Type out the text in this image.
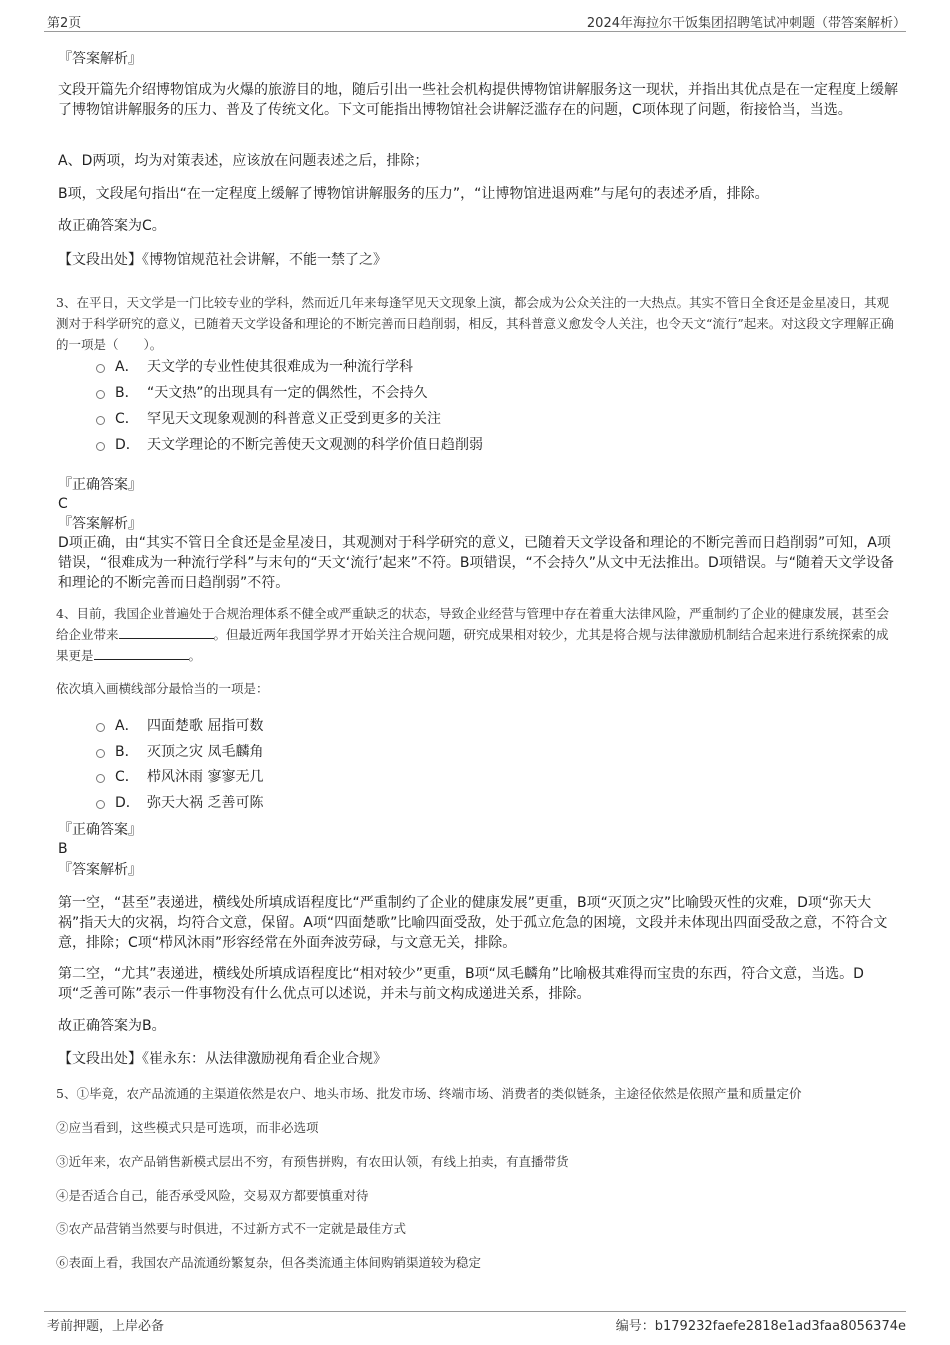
第2页	2024年海拉尔干饭集团招聘笔试冲刺题（带答案解析）
『答案解析』
文段开篇先介绍博物馆成为火爆的旅游目的地，随后引出一些社会机构提供博物馆讲解服务这一现状，并指出其优点是在一定程度上缓解了博物馆讲解服务的压力、普及了传统文化。下文可能指出博物馆社会讲解泛滥存在的问题，C项体现了问题，衔接恰当，当选。
A、D两项，均为对策表述，应该放在问题表述之后，排除；
B项，文段尾句指出“在一定程度上缓解了博物馆讲解服务的压力”，“让博物馆进退两难”与尾句的表述矛盾，排除。
故正确答案为C。
【文段出处】《博物馆规范社会讲解，不能一禁了之》
3、在平日，天文学是一门比较专业的学科，然而近几年来每逢罕见天文现象上演，都会成为公众关注的一大热点。其实不管日全食还是金星凌日，其观测对于科学研究的意义，已随着天文学设备和理论的不断完善而日趋削弱，相反，其科普意义愈发令人关注，也令天文“流行”起来。对这段文字理解正确的一项是（　　）。
A． 天文学的专业性使其很难成为一种流行学科
B． “天文热”的出现具有一定的偶然性，不会持久
C． 罕见天文现象观测的科普意义正受到更多的关注
D． 天文学理论的不断完善使天文观测的科学价值日趋削弱
『正确答案』
C
『答案解析』
D项正确，由“其实不管日全食还是金星凌日，其观测对于科学研究的意义，已随着天文学设备和理论的不断完善而日趋削弱”可知，A项错误，“很难成为一种流行学科”与末句的“天文‘流行’起来”不符。B项错误，“不会持久”从文中无法推出。D项错误。与“随着天文学设备和理论的不断完善而日趋削弱”不符。
4、目前，我国企业普遍处于合规治理体系不健全或严重缺乏的状态，导致企业经营与管理中存在着重大法律风险，严重制约了企业的健康发展，甚至会给企业带来	。但最近两年我国学界才开始关注合规问题，研究成果相对较少，尤其是将合规与法律激励机制结合起来进行系统探索的成果更是	。
依次填入画横线部分最恰当的一项是：
A． 四面楚歌 屈指可数
B． 灭顶之灾 凤毛麟角
C． 栉风沐雨 寥寥无几
D． 弥天大祸 乏善可陈
『正确答案』
B
『答案解析』
第一空，“甚至”表递进，横线处所填成语程度比“严重制约了企业的健康发展”更重，B项“灭顶之灾”比喻毁灭性的灾难，D项“弥天大祸”指天大的灾祸，均符合文意，保留。A项“四面楚歌”比喻四面受敌，处于孤立危急的困境，文段并未体现出四面受敌之意，不符合文意，排除；C项“栉风沐雨”形容经常在外面奔波劳碌，与文意无关，排除。
第二空，“尤其”表递进，横线处所填成语程度比“相对较少”更重，B项“凤毛麟角”比喻极其难得而宝贵的东西，符合文意，当选。D项“乏善可陈”表示一件事物没有什么优点可以述说，并未与前文构成递进关系，排除。
故正确答案为B。
【文段出处】《崔永东：从法律激励视角看企业合规》
5、①毕竟，农产品流通的主渠道依然是农户、地头市场、批发市场、终端市场、消费者的类似链条，主途径依然是依照产量和质量定价
②应当看到，这些模式只是可选项，而非必选项
③近年来，农产品销售新模式层出不穷，有预售拼购，有农田认领，有线上拍卖，有直播带货
④是否适合自己，能否承受风险，交易双方都要慎重对待
⑤农产品营销当然要与时俱进，不过新方式不一定就是最佳方式
⑥表面上看，我国农产品流通纷繁复杂，但各类流通主体间购销渠道较为稳定
考前押题，上岸必备	编号：b179232faefe2818e1ad3faa8056374e
